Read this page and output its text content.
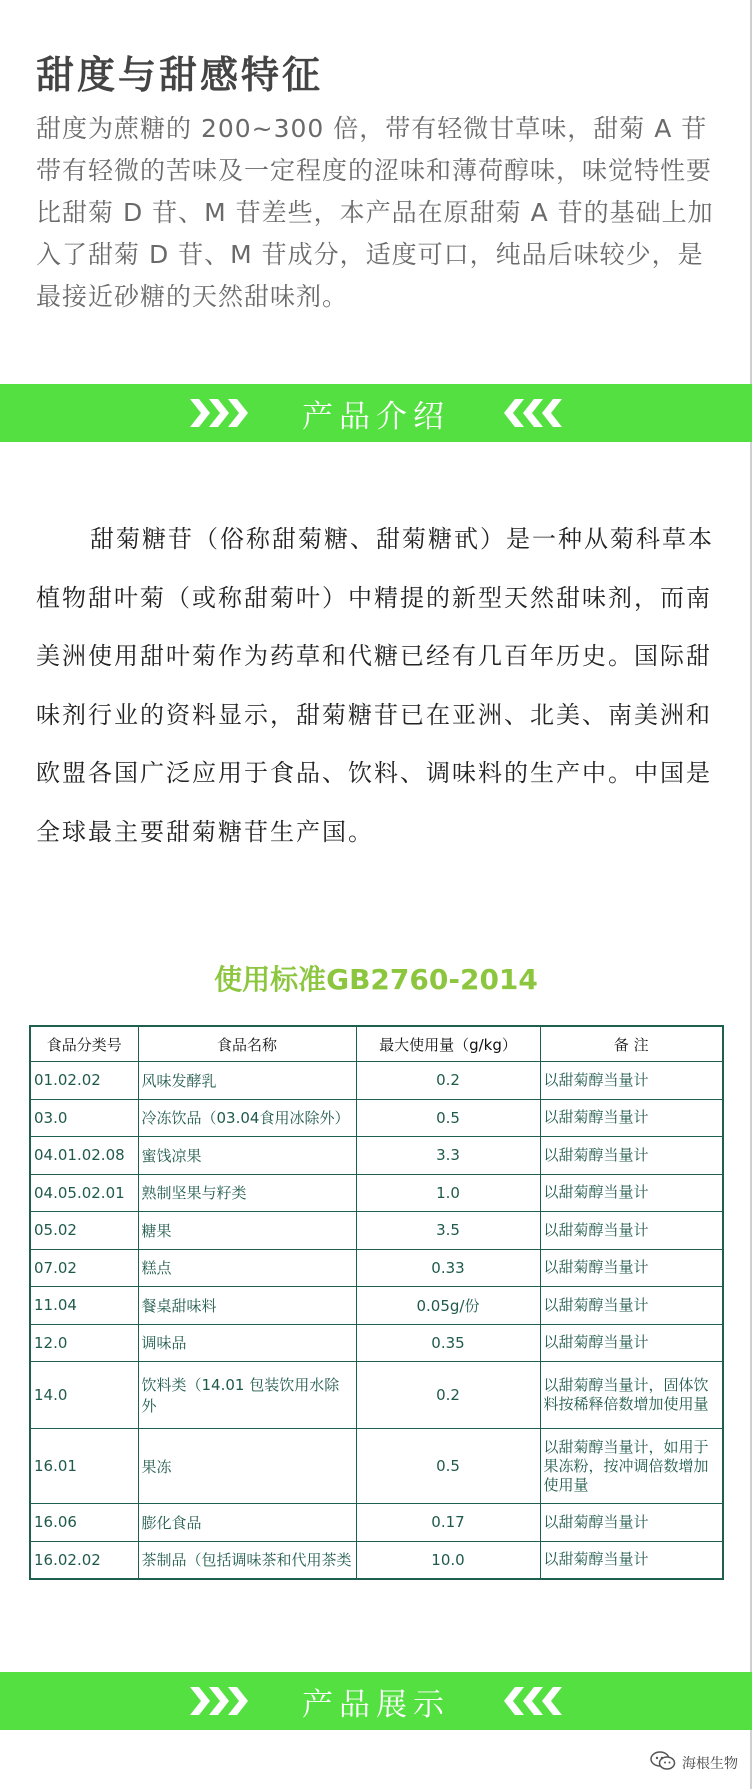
甜度与甜感特征

甜度为蔗糖的 200~300 倍，带有轻微甘草味，甜菊 A 苷带有轻微的苦味及一定程度的涩味和薄荷醇味，味觉特性要比甜菊 D 苷、M 苷差些，本产品在原甜菊 A 苷的基础上加入了甜菊 D 苷、M 苷成分，适度可口，纯品后味较少，是最接近砂糖的天然甜味剂。

产品介绍

甜菊糖苷（俗称甜菊糖、甜菊糖甙）是一种从菊科草本植物甜叶菊（或称甜菊叶）中精提的新型天然甜味剂，而南美洲使用甜叶菊作为药草和代糖已经有几百年历史。国际甜味剂行业的资料显示，甜菊糖苷已在亚洲、北美、南美洲和欧盟各国广泛应用于食品、饮料、调味料的生产中。中国是全球最主要甜菊糖苷生产国。

使用标准GB2760-2014
食品分类号	食品名称	最大使用量（g/kg）	备 注
01.02.02	风味发酵乳	0.2	以甜菊醇当量计
03.0	冷冻饮品（03.04食用冰除外）	0.5	以甜菊醇当量计
04.01.02.08	蜜饯凉果	3.3	以甜菊醇当量计
04.05.02.01	熟制坚果与籽类	1.0	以甜菊醇当量计
05.02	糖果	3.5	以甜菊醇当量计
07.02	糕点	0.33	以甜菊醇当量计
11.04	餐桌甜味料	0.05g/份	以甜菊醇当量计
12.0	调味品	0.35	以甜菊醇当量计
14.0	饮料类（14.01 包装饮用水除外	0.2	以甜菊醇当量计，固体饮料按稀释倍数增加使用量
16.01	果冻	0.5	以甜菊醇当量计，如用于果冻粉，按冲调倍数增加使用量
16.06	膨化食品	0.17	以甜菊醇当量计
16.02.02	茶制品（包括调味茶和代用茶类	10.0	以甜菊醇当量计
产品展示
海根生物
